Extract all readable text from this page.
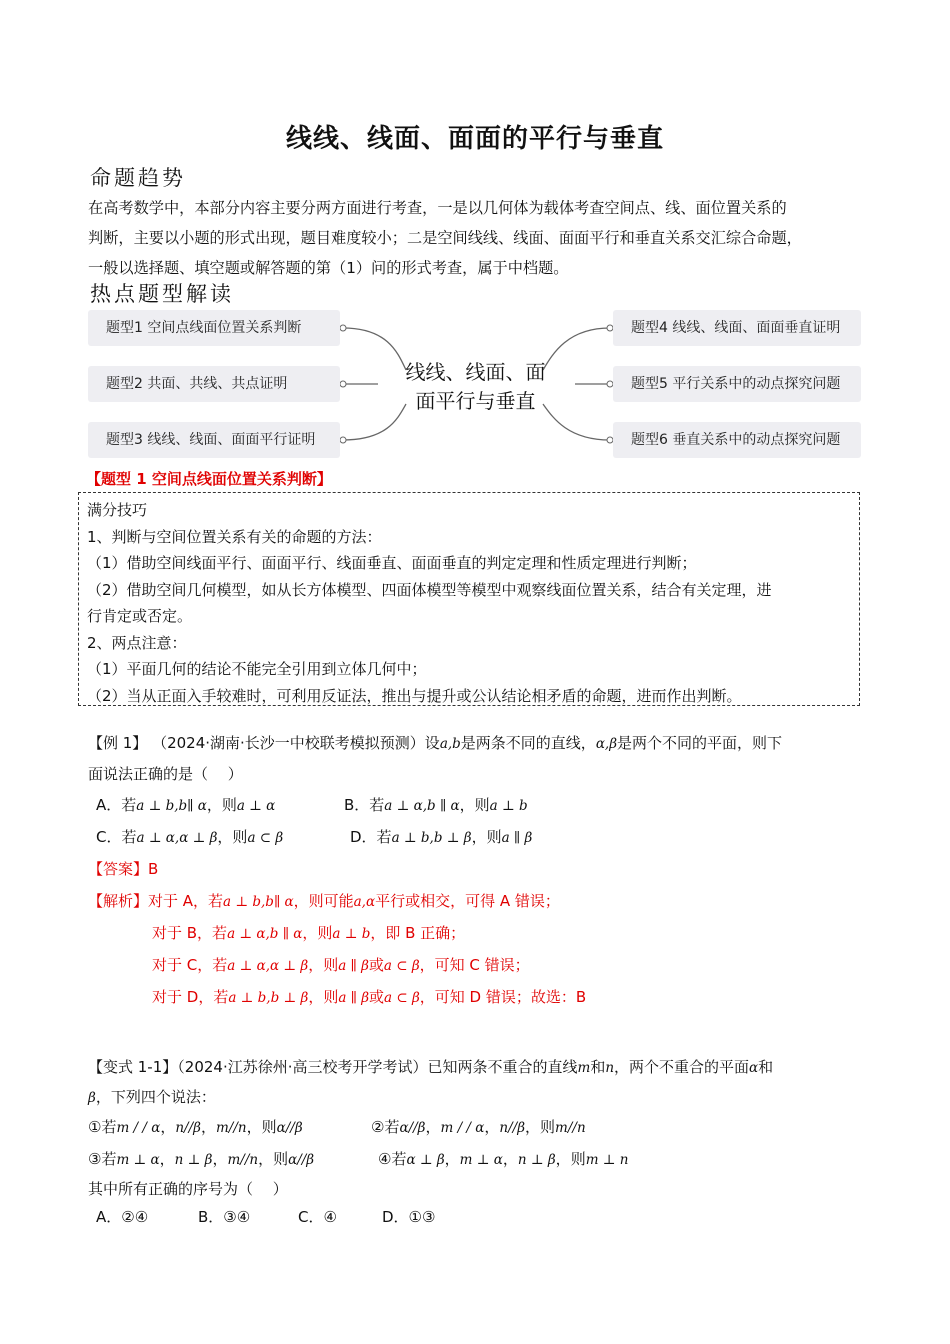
线线、线面、面面的平行与垂直
命题趋势

在高考数学中，本部分内容主要分两方面进行考查，一是以几何体为载体考查空间点、线、面位置关系的

判断，主要以小题的形式出现，题目难度较小；二是空间线线、线面、面面平行和垂直关系交汇综合命题，

一般以选择题、填空题或解答题的第（1）问的形式考查，属于中档题。

热点题型解读
题型1 空间点线面位置关系判断
题型2 共面、共线、共点证明
题型3 线线、线面、面面平行证明
线线、线面、面
面平行与垂直
题型4 线线、线面、面面垂直证明
题型5 平行关系中的动点探究问题
题型6 垂直关系中的动点探究问题
【题型 1 空间点线面位置关系判断】

满分技巧

1、判断与空间位置关系有关的命题的方法：

（1）借助空间线面平行、面面平行、线面垂直、面面垂直的判定定理和性质定理进行判断；

（2）借助空间几何模型，如从长方体模型、四面体模型等模型中观察线面位置关系，结合有关定理，进

行肯定或否定。

2、两点注意：

（1）平面几何的结论不能完全引用到立体几何中；

（2）当从正面入手较难时，可利用反证法，推出与提升或公认结论相矛盾的命题，进而作出判断。

【例 1】 （2024·湖南·长沙一中校联考模拟预测）设a,b是两条不同的直线，α,β是两个不同的平面，则下
面说法正确的是（　 ）
A．若a ⊥ b,b∥ α，则a ⊥ α	B．若a ⊥ α,b ∥ α，则a ⊥ b
C．若a ⊥ α,α ⊥ β，则a ⊂ β	D．若a ⊥ b,b ⊥ β，则a ∥ β
【答案】B
【解析】对于 A，若a ⊥ b,b∥ α，则可能a,α平行或相交，可得 A 错误；
对于 B，若a ⊥ α,b ∥ α，则a ⊥ b，即 B 正确；
对于 C，若a ⊥ α,α ⊥ β，则a ∥ β或a ⊂ β，可知 C 错误；
对于 D，若a ⊥ b,b ⊥ β，则a ∥ β或a ⊂ β，可知 D 错误；故选：B
【变式 1-1】（2024·江苏徐州·高三校考开学考试）已知两条不重合的直线m和n，两个不重合的平面α和
β，下列四个说法：
①若m / / α，n//β，m//n，则α//β	②若α//β，m / / α，n//β，则m//n
③若m ⊥ α，n ⊥ β，m//n，则α//β	④若α ⊥ β，m ⊥ α，n ⊥ β，则m ⊥ n
其中所有正确的序号为（　 ）
A．②④	B．③④	C．④	D．①③
